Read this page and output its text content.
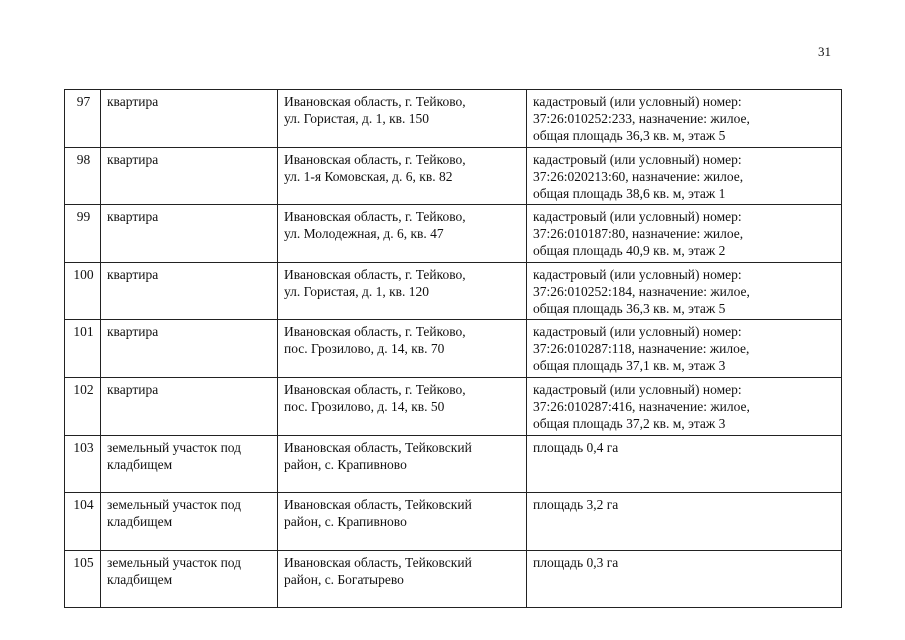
31
97	квартира	Ивановская область, г. Тейково,
ул. Гористая, д. 1, кв. 150	кадастровый (или условный) номер:
37:26:010252:233, назначение: жилое,
общая площадь 36,3 кв. м, этаж 5

98	квартира	Ивановская область, г. Тейково,
ул. 1-я Комовская, д. 6, кв. 82	кадастровый (или условный) номер:
37:26:020213:60, назначение: жилое,
общая площадь 38,6 кв. м, этаж 1

99	квартира	Ивановская область, г. Тейково,
ул. Молодежная, д. 6, кв. 47	кадастровый (или условный) номер:
37:26:010187:80, назначение: жилое,
общая площадь 40,9 кв. м, этаж 2

100	квартира	Ивановская область, г. Тейково,
ул. Гористая, д. 1, кв. 120	кадастровый (или условный) номер:
37:26:010252:184, назначение: жилое,
общая площадь 36,3 кв. м, этаж 5

101	квартира	Ивановская область, г. Тейково,
пос. Грозилово, д. 14, кв. 70	кадастровый (или условный) номер:
37:26:010287:118, назначение: жилое,
общая площадь 37,1 кв. м, этаж 3

102	квартира	Ивановская область, г. Тейково,
пос. Грозилово, д. 14, кв. 50	кадастровый (или условный) номер:
37:26:010287:416, назначение: жилое,
общая площадь 37,2 кв. м, этаж 3

103	земельный участок под
кладбищем	Ивановская область, Тейковский
район, с. Крапивново	площадь 0,4 га

104	земельный участок под
кладбищем	Ивановская область, Тейковский
район, с. Крапивново	площадь 3,2 га

105	земельный участок под
кладбищем	Ивановская область, Тейковский
район, с. Богатырево	площадь 0,3 га
